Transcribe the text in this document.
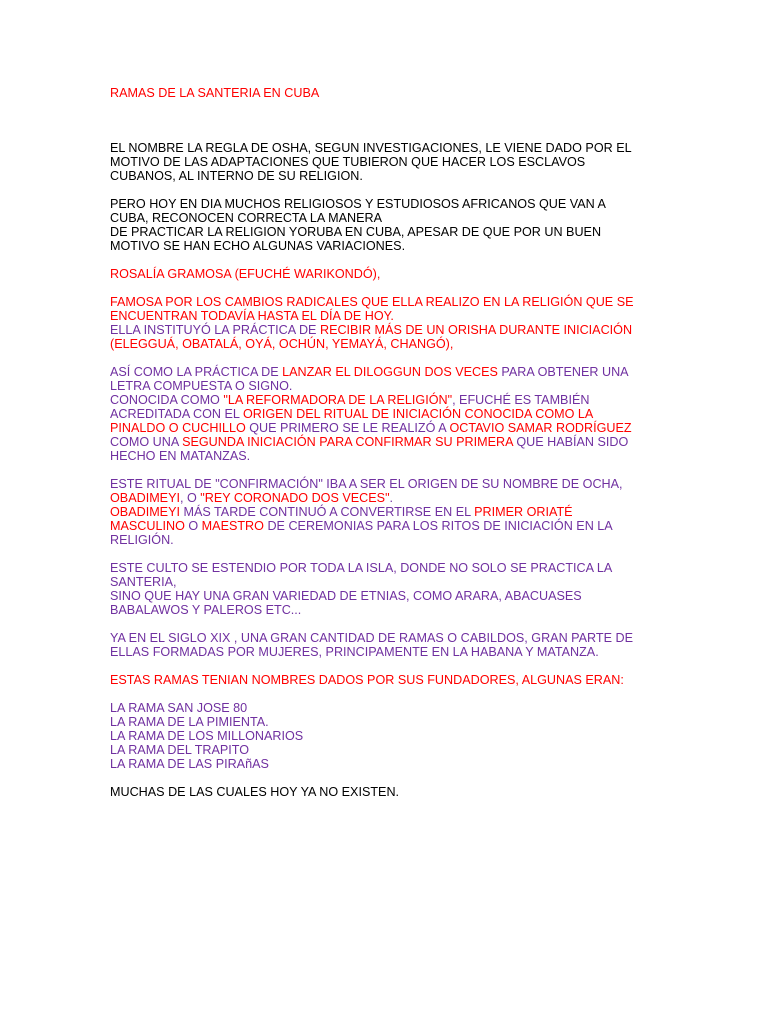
RAMAS DE LA SANTERIA EN CUBA
EL NOMBRE LA REGLA DE OSHA, SEGUN INVESTIGACIONES, LE VIENE DADO POR EL
MOTIVO DE LAS ADAPTACIONES QUE TUBIERON QUE HACER LOS ESCLAVOS
CUBANOS, AL INTERNO DE SU RELIGION.
PERO HOY EN DIA MUCHOS RELIGIOSOS Y ESTUDIOSOS AFRICANOS QUE VAN A
CUBA, RECONOCEN CORRECTA LA MANERA
DE PRACTICAR LA RELIGION YORUBA EN CUBA, APESAR DE QUE POR UN BUEN
MOTIVO SE HAN ECHO ALGUNAS VARIACIONES.
ROSALÍA GRAMOSA (EFUCHÉ WARIKONDÓ),
FAMOSA POR LOS CAMBIOS RADICALES QUE ELLA REALIZO EN LA RELIGIÓN QUE SE
ENCUENTRAN TODAVÍA HASTA EL DÍA DE HOY.
ELLA INSTITUYÓ LA PRÁCTICA DE RECIBIR MÁS DE UN ORISHA DURANTE INICIACIÓN
(ELEGGUÁ, OBATALÁ, OYÁ, OCHÚN, YEMAYÁ, CHANGÓ),
ASÍ COMO LA PRÁCTICA DE LANZAR EL DILOGGUN DOS VECES PARA OBTENER UNA
LETRA COMPUESTA O SIGNO.
CONOCIDA COMO "LA REFORMADORA DE LA RELIGIÓN", EFUCHÉ ES TAMBIÉN
ACREDITADA CON EL ORIGEN DEL RITUAL DE INICIACIÓN CONOCIDA COMO LA
PINALDO O CUCHILLO QUE PRIMERO SE LE REALIZÓ A OCTAVIO SAMAR RODRÍGUEZ
COMO UNA SEGUNDA INICIACIÓN PARA CONFIRMAR SU PRIMERA QUE HABÍAN SIDO
HECHO EN MATANZAS.
ESTE RITUAL DE "CONFIRMACIÓN" IBA A SER EL ORIGEN DE SU NOMBRE DE OCHA,
OBADIMEYI, O "REY CORONADO DOS VECES".
OBADIMEYI MÁS TARDE CONTINUÓ A CONVERTIRSE EN EL PRIMER ORIATÉ
MASCULINO O MAESTRO DE CEREMONIAS PARA LOS RITOS DE INICIACIÓN EN LA
RELIGIÓN.
ESTE CULTO SE ESTENDIO POR TODA LA ISLA, DONDE NO SOLO SE PRACTICA LA
SANTERIA,
SINO QUE HAY UNA GRAN VARIEDAD DE ETNIAS, COMO ARARA, ABACUASES
BABALAWOS Y PALEROS ETC...
YA EN EL SIGLO XIX , UNA GRAN CANTIDAD DE RAMAS O CABILDOS, GRAN PARTE DE
ELLAS FORMADAS POR MUJERES, PRINCIPAMENTE EN LA HABANA Y MATANZA.
ESTAS RAMAS TENIAN NOMBRES DADOS POR SUS FUNDADORES, ALGUNAS ERAN:
LA RAMA SAN JOSE 80
LA RAMA DE LA PIMIENTA.
LA RAMA DE LOS MILLONARIOS
LA RAMA DEL TRAPITO
LA RAMA DE LAS PIRAñAS
MUCHAS DE LAS CUALES HOY YA NO EXISTEN.
